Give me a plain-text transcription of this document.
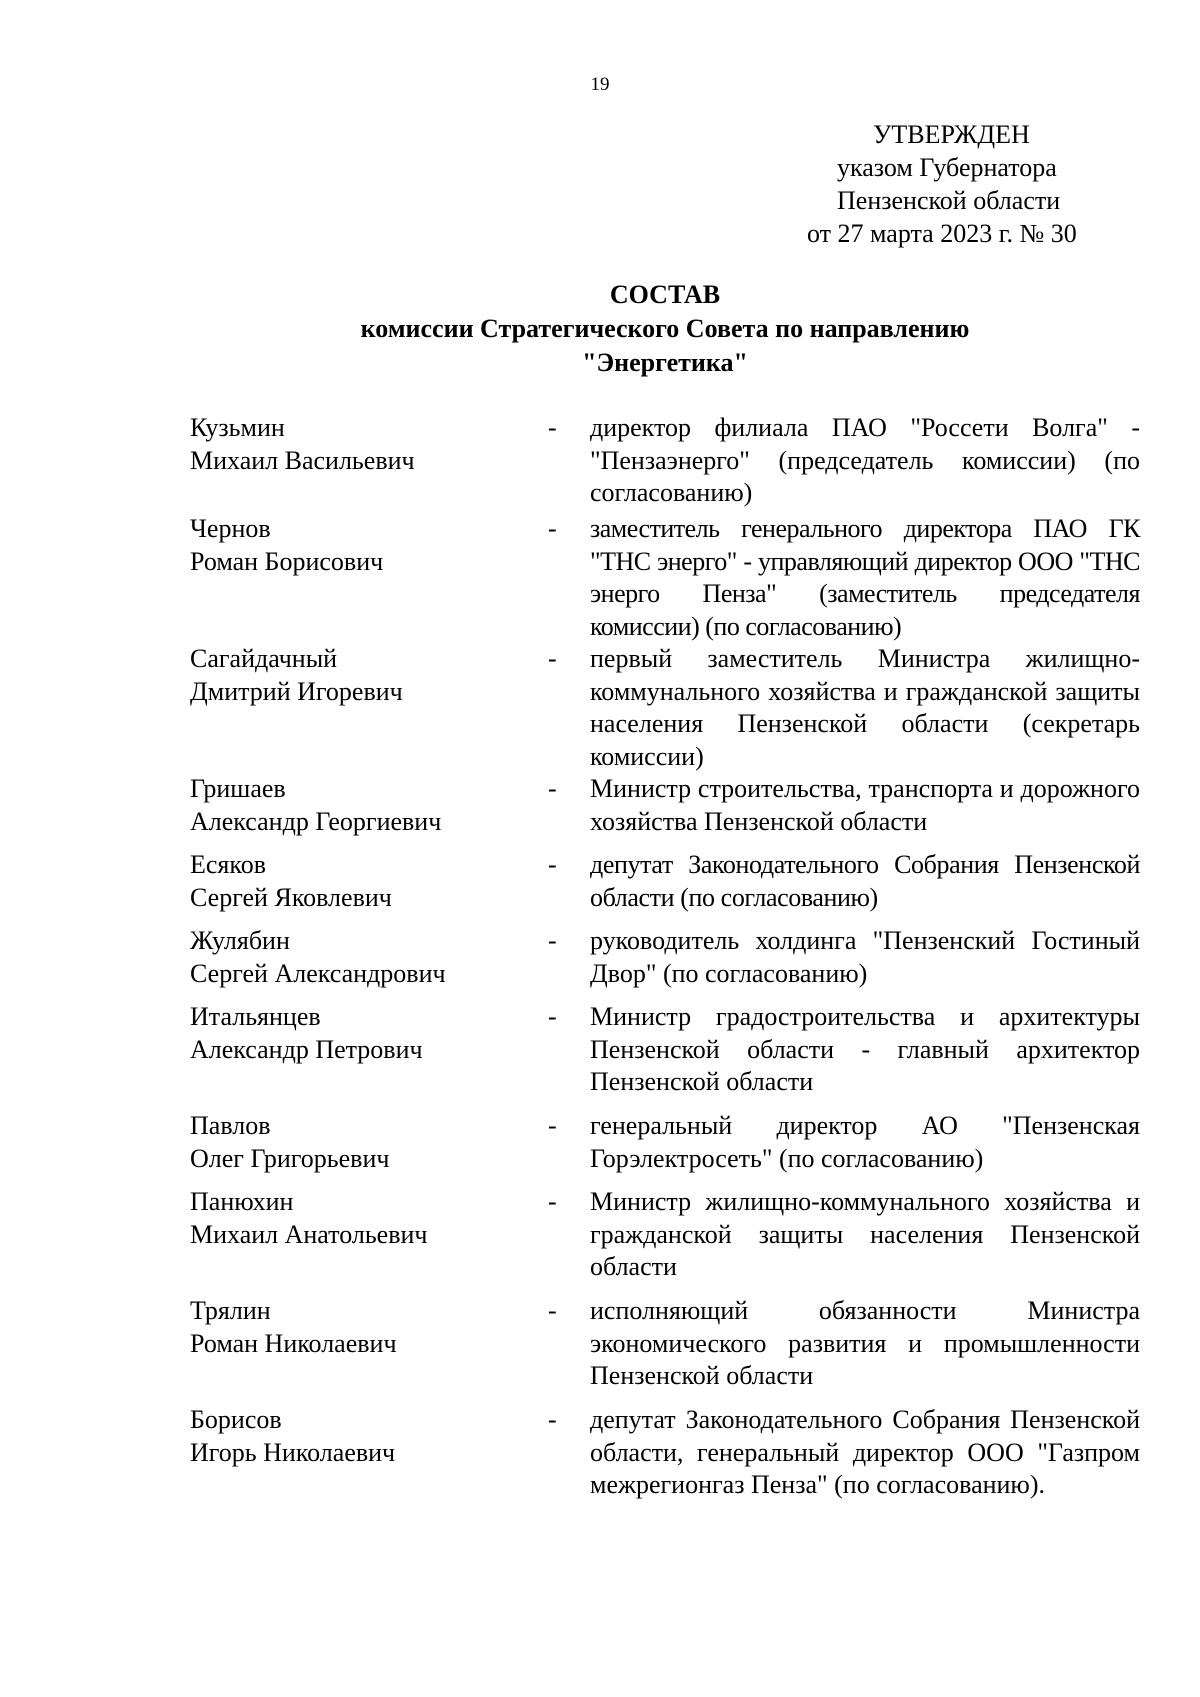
19
УТВЕРЖДЕН
указом Губернатора
Пензенской области
от 27 марта 2023 г. № 30
СОСТАВ
комиссии Стратегического Совета по направлению
"Энергетика"
Кузьмин
Михаил Васильевич
-	директор филиала ПАО "Россети Волга" - "Пензаэнерго" (председатель комиссии) (по согласованию)
Чернов
Роман Борисович
-	заместитель генерального директора ПАО ГК "ТНС энерго" - управляющий директор ООО "ТНС энерго Пенза" (заместитель председателя комиссии) (по согласованию)
Сагайдачный
Дмитрий Игоревич
-	первый заместитель Министра жилищно-коммунального хозяйства и гражданской защиты населения Пензенской области (секретарь комиссии)
Гришаев
Александр Георгиевич
-	Министр строительства, транспорта и дорожного хозяйства Пензенской области
Есяков
Сергей Яковлевич
-	депутат Законодательного Собрания Пензенской области (по согласованию)
Жулябин
Сергей Александрович
-	руководитель холдинга "Пензенский Гостиный Двор" (по согласованию)
Итальянцев
Александр Петрович
-	Министр градостроительства и архитектуры Пензенской области - главный архитектор Пензенской области
Павлов
Олег Григорьевич
-	генеральный директор АО "Пензенская Горэлектросеть" (по согласованию)
Панюхин
Михаил Анатольевич
-	Министр жилищно-коммунального хозяйства и гражданской защиты населения Пензенской области
Трялин
Роман Николаевич
-	исполняющий обязанности Министра экономического развития и промышленности Пензенской области
Борисов
Игорь Николаевич
-	депутат Законодательного Собрания Пензенской области, генеральный директор ООО "Газпром межрегионгаз Пенза" (по согласованию).
